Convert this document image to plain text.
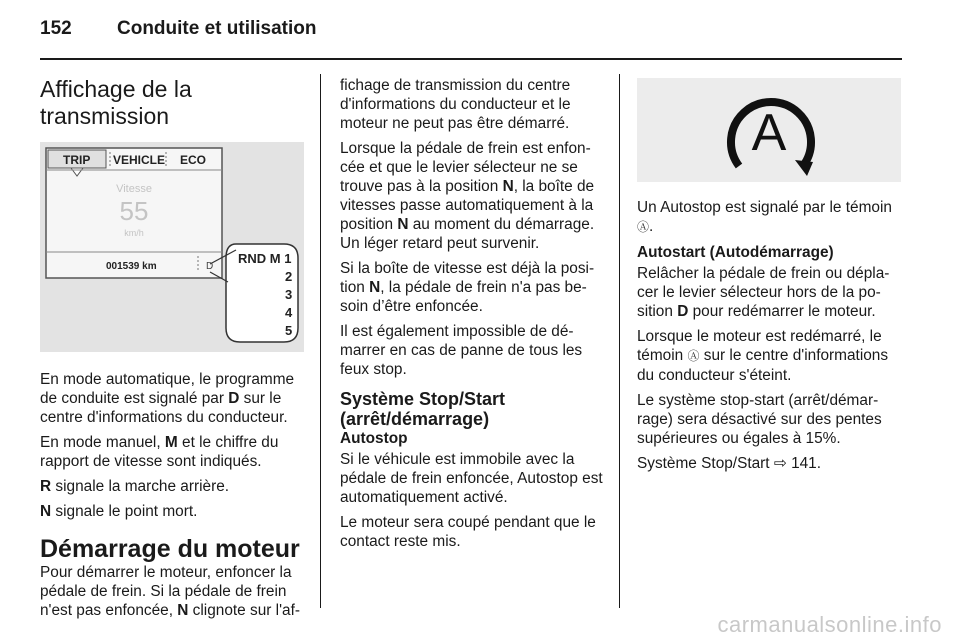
152 Conduite et utilisation
Affichage de la transmission
TRIP VEHICLE ECO
Vitesse
55
km/h
001539 km	D
RND M 1
2
3
4
5

En mode automatique, le programme de conduite est signalé par D sur le centre d'informations du conducteur.

En mode manuel, M et le chiffre du rapport de vitesse sont indiqués.

R signale la marche arrière.

N signale le point mort.

Démarrage du moteur

Pour démarrer le moteur, enfoncer la pédale de frein. Si la pédale de frein n'est pas enfoncée, N clignote sur l'af-

fichage de transmission du centre d'informations du conducteur et le moteur ne peut pas être démarré.

Lorsque la pédale de frein est enfon-cée et que le levier sélecteur ne se trouve pas à la position N, la boîte de vitesses passe automatiquement à la position N au moment du démarrage. Un léger retard peut survenir.

Si la boîte de vitesse est déjà la posi-tion N, la pédale de frein n'a pas be-soin d’être enfoncée.

Il est également impossible de dé-marrer en cas de panne de tous les feux stop.

Système Stop/Start (arrêt/démarrage)
Autostop

Si le véhicule est immobile avec la pédale de frein enfoncée, Autostop est automatiquement activé.

Le moteur sera coupé pendant que le contact reste mis.

A

Un Autostop est signalé par le témoin Ⓐ.

Autostart (Autodémarrage)

Relâcher la pédale de frein ou dépla-cer le levier sélecteur hors de la po-sition D pour redémarrer le moteur.

Lorsque le moteur est redémarré, le témoin Ⓐ sur le centre d'informations du conducteur s'éteint.

Le système stop-start (arrêt/démar-rage) sera désactivé sur des pentes supérieures ou égales à 15%.

Système Stop/Start ⇨ 141.

carmanualsonline.info
